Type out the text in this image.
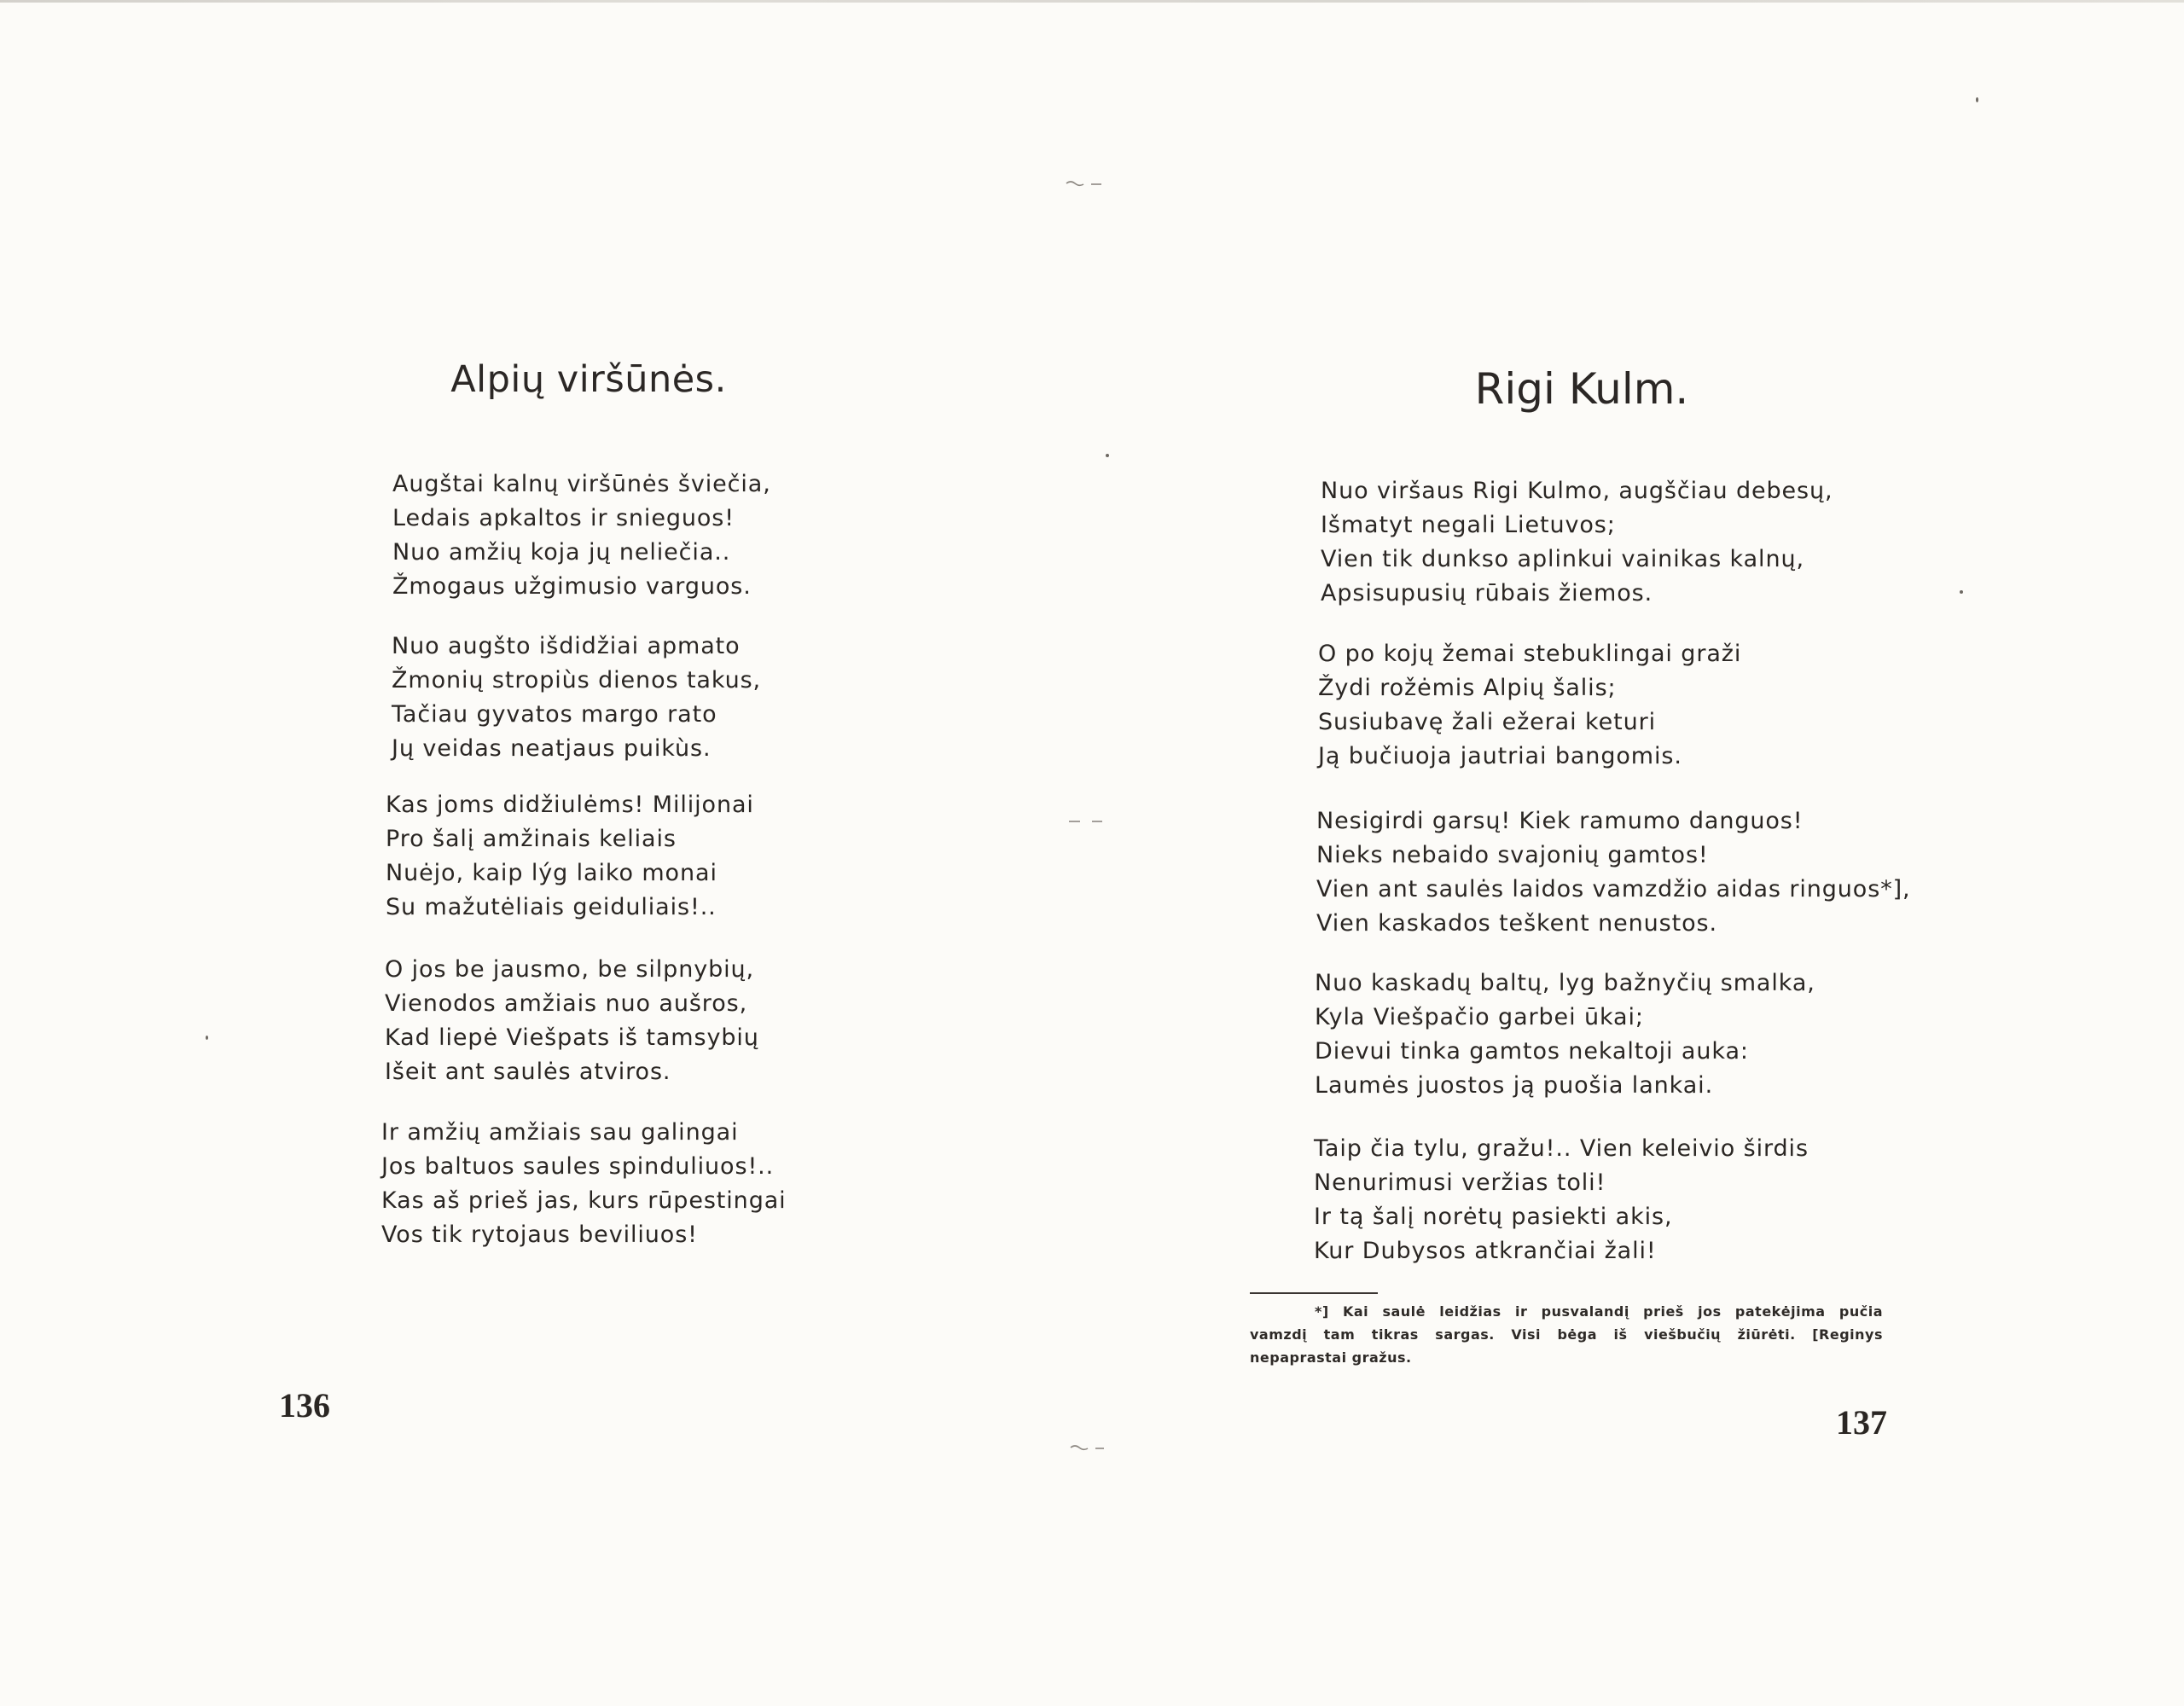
Alpių viršūnės.
Augštai kalnų viršūnės šviečia,
Ledais apkaltos ir snieguos!
Nuo amžių koja jų neliečia..
Žmogaus užgimusio varguos.
Nuo augšto išdidžiai apmato
Žmonių stropiùs dienos takus,
Tačiau gyvatos margo rato
Jų veidas neatjaus puikùs.
Kas joms didžiulėms! Milijonai
Pro šalį amžinais keliais
Nuėjo, kaip lýg laiko monai
Su mažutėliais geiduliais!..
O jos be jausmo, be silpnybių,
Vienodos amžiais nuo aušros,
Kad liepė Viešpats iš tamsybių
Išeit ant saulės atviros.
Ir amžių amžiais sau galingai
Jos baltuos saules spinduliuos!..
Kas aš prieš jas, kurs rūpestingai
Vos tik rytojaus beviliuos!
136
Rigi Kulm.
Nuo viršaus Rigi Kulmo, augščiau debesų,
Išmatyt negali Lietuvos;
Vien tik dunkso aplinkui vainikas kalnų,
Apsisupusių rūbais žiemos.
O po kojų žemai stebuklingai graži
Žydi rožėmis Alpių šalis;
Susiubavę žali ežerai keturi
Ją bučiuoja jautriai bangomis.
Nesigirdi garsų! Kiek ramumo danguos!
Nieks nebaido svajonių gamtos!
Vien ant saulės laidos vamzdžio aidas ringuos*],
Vien kaskados teškent nenustos.
Nuo kaskadų baltų, lyg bažnyčių smalka,
Kyla Viešpačio garbei ūkai;
Dievui tinka gamtos nekaltoji auka:
Laumės juostos ją puošia lankai.
Taip čia tylu, gražu!.. Vien keleivio širdis
Nenurimusi veržias toli!
Ir tą šalį norėtų pasiekti akis,
Kur Dubysos atkrančiai žali!
*] Kai saulė leidžias ir pusvalandį prieš jos patekėjima pučia
vamzdį tam tikras sargas. Visi bėga iš viešbučių žiūrėti. [Reginys
nepaprastai gražus.
137
